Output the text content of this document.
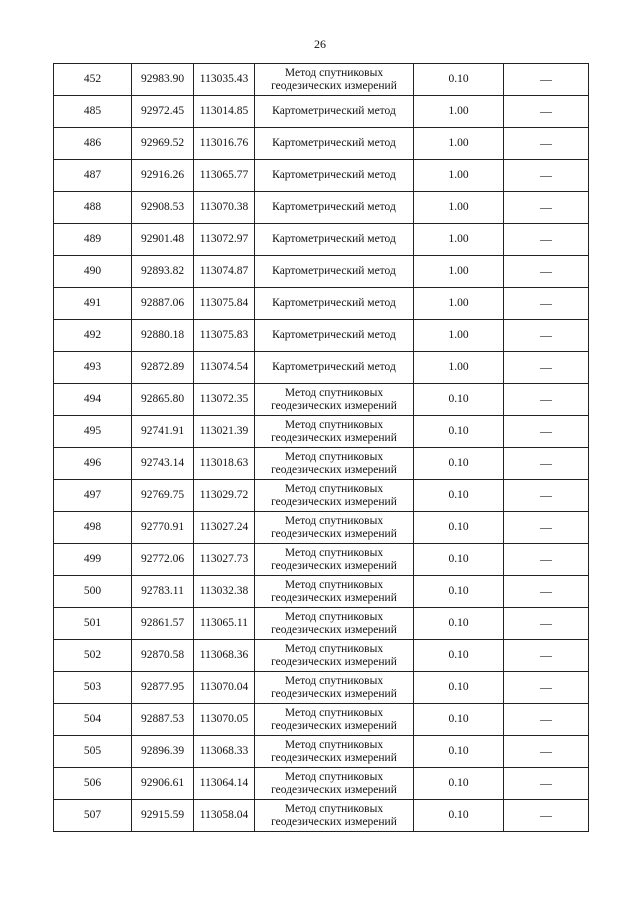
26
452	92983.90	113035.43	Метод спутниковых геодезических измерений	0.10	—
485	92972.45	113014.85	Картометрический метод	1.00	—
486	92969.52	113016.76	Картометрический метод	1.00	—
487	92916.26	113065.77	Картометрический метод	1.00	—
488	92908.53	113070.38	Картометрический метод	1.00	—
489	92901.48	113072.97	Картометрический метод	1.00	—
490	92893.82	113074.87	Картометрический метод	1.00	—
491	92887.06	113075.84	Картометрический метод	1.00	—
492	92880.18	113075.83	Картометрический метод	1.00	—
493	92872.89	113074.54	Картометрический метод	1.00	—
494	92865.80	113072.35	Метод спутниковых геодезических измерений	0.10	—
495	92741.91	113021.39	Метод спутниковых геодезических измерений	0.10	—
496	92743.14	113018.63	Метод спутниковых геодезических измерений	0.10	—
497	92769.75	113029.72	Метод спутниковых геодезических измерений	0.10	—
498	92770.91	113027.24	Метод спутниковых геодезических измерений	0.10	—
499	92772.06	113027.73	Метод спутниковых геодезических измерений	0.10	—
500	92783.11	113032.38	Метод спутниковых геодезических измерений	0.10	—
501	92861.57	113065.11	Метод спутниковых геодезических измерений	0.10	—
502	92870.58	113068.36	Метод спутниковых геодезических измерений	0.10	—
503	92877.95	113070.04	Метод спутниковых геодезических измерений	0.10	—
504	92887.53	113070.05	Метод спутниковых геодезических измерений	0.10	—
505	92896.39	113068.33	Метод спутниковых геодезических измерений	0.10	—
506	92906.61	113064.14	Метод спутниковых геодезических измерений	0.10	—
507	92915.59	113058.04	Метод спутниковых геодезических измерений	0.10	—
